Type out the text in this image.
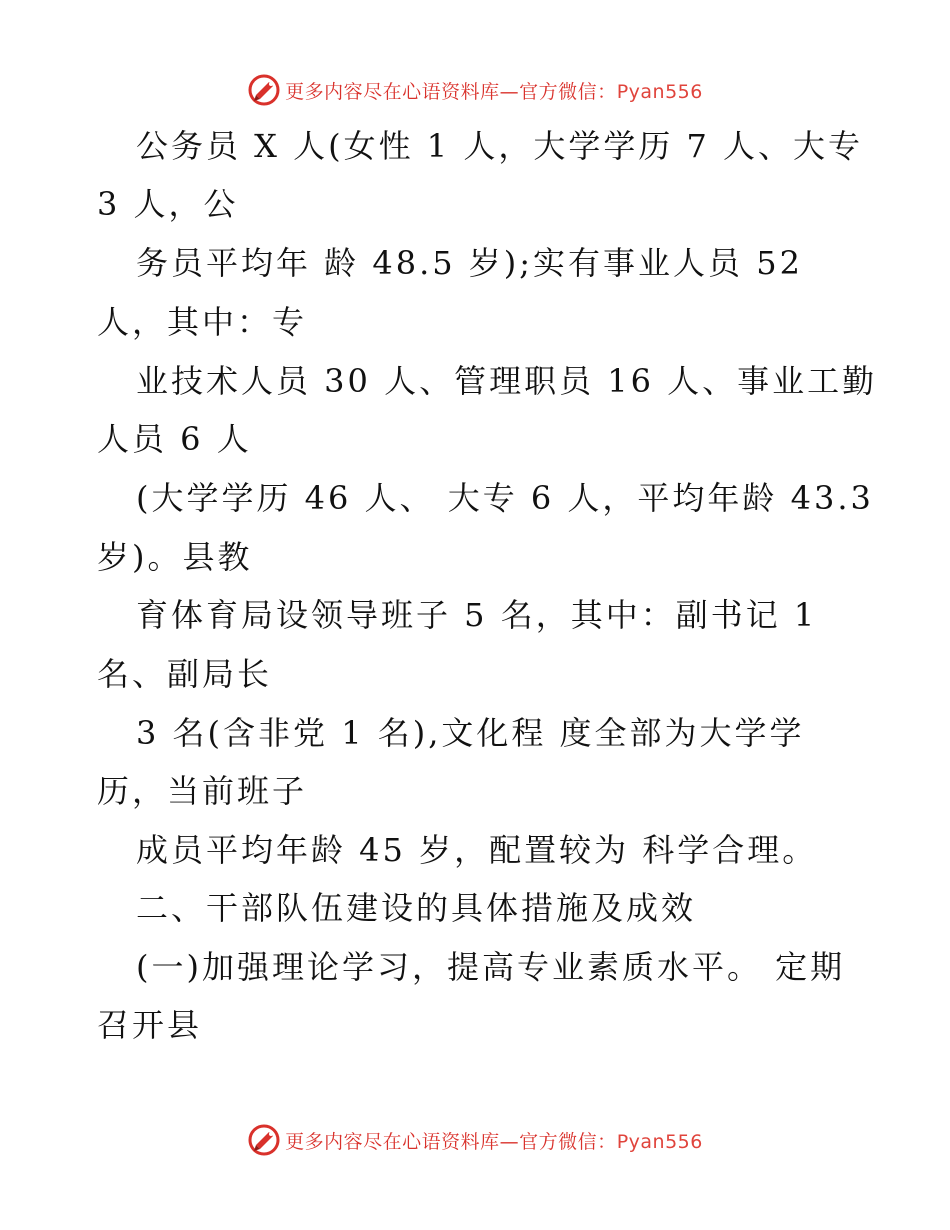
更多内容尽在心语资料库—官方微信：Pyan556
公务员 X 人(女性 1 人，大学学历 7 人、大专
3 人，公
务员平均年 龄 48.5 岁);实有事业人员 52
人，其中：专
业技术人员 30 人、管理职员 16 人、事业工勤
人员 6 人
(大学学历 46 人、 大专 6 人，平均年龄 43.3
岁)。县教
育体育局设领导班子 5 名，其中：副书记 1
名、副局长
3 名(含非党 1 名),文化程 度全部为大学学
历，当前班子
成员平均年龄 45 岁，配置较为 科学合理。
二、干部队伍建设的具体措施及成效
(一)加强理论学习，提高专业素质水平。 定期
召开县
更多内容尽在心语资料库—官方微信：Pyan556
